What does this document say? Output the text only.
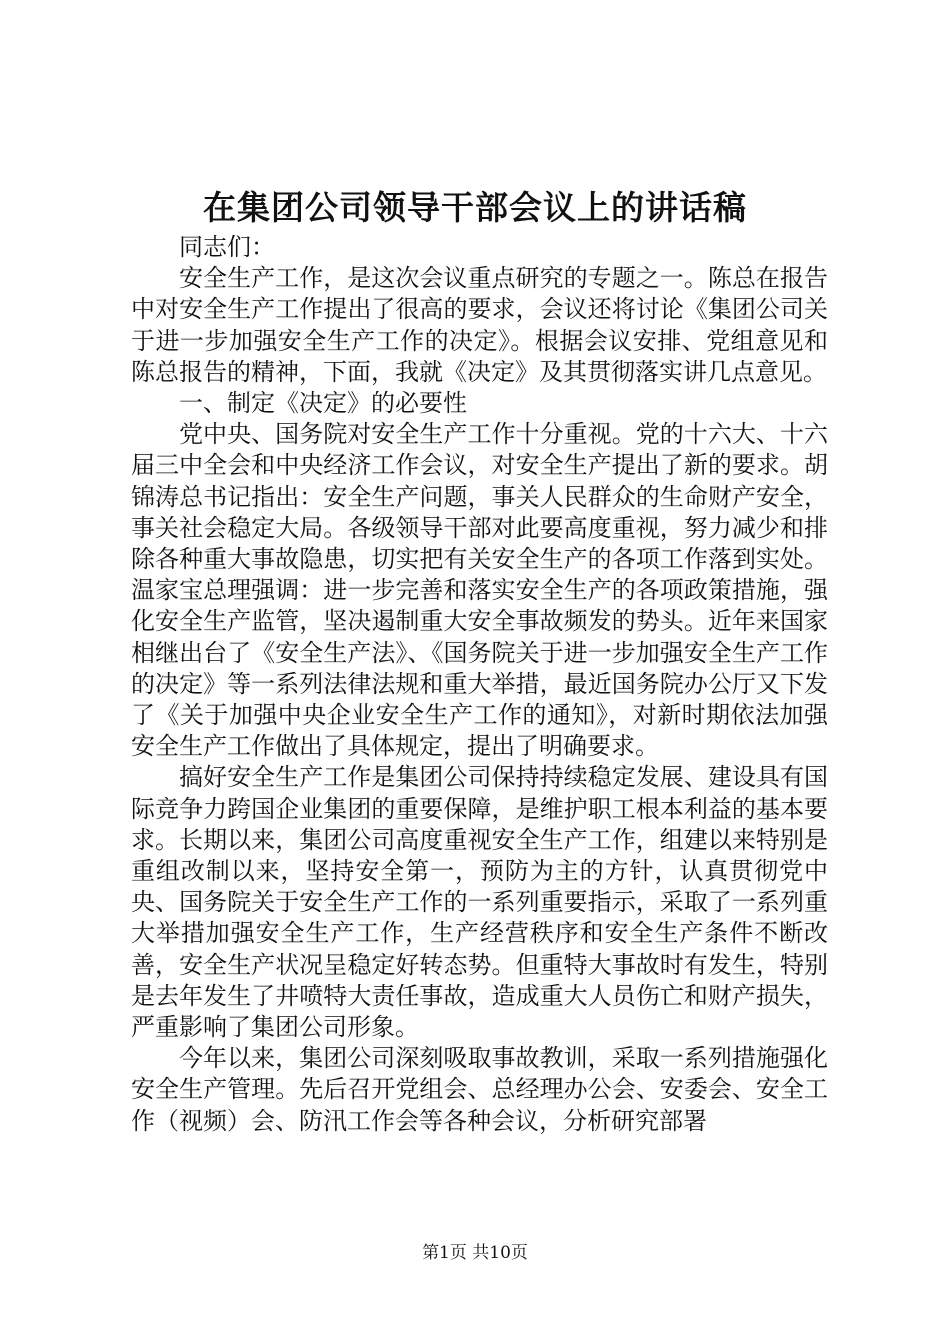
在集团公司领导干部会议上的讲话稿

同志们：

安全生产工作，是这次会议重点研究的专题之一。陈总在报告中对安全生产工作提出了很高的要求，会议还将讨论《集团公司关于进一步加强安全生产工作的决定》。根据会议安排、党组意见和陈总报告的精神，下面，我就《决定》及其贯彻落实讲几点意见。

一、制定《决定》的必要性

党中央、国务院对安全生产工作十分重视。党的十六大、十六届三中全会和中央经济工作会议，对安全生产提出了新的要求。胡锦涛总书记指出：安全生产问题，事关人民群众的生命财产安全，事关社会稳定大局。各级领导干部对此要高度重视，努力减少和排除各种重大事故隐患，切实把有关安全生产的各项工作落到实处。温家宝总理强调：进一步完善和落实安全生产的各项政策措施，强化安全生产监管，坚决遏制重大安全事故频发的势头。近年来国家相继出台了《安全生产法》、《国务院关于进一步加强安全生产工作的决定》等一系列法律法规和重大举措，最近国务院办公厅又下发了《关于加强中央企业安全生产工作的通知》，对新时期依法加强安全生产工作做出了具体规定，提出了明确要求。

搞好安全生产工作是集团公司保持持续稳定发展、建设具有国际竞争力跨国企业集团的重要保障，是维护职工根本利益的基本要求。长期以来，集团公司高度重视安全生产工作，组建以来特别是重组改制以来，坚持安全第一，预防为主的方针，认真贯彻党中央、国务院关于安全生产工作的一系列重要指示，采取了一系列重大举措加强安全生产工作，生产经营秩序和安全生产条件不断改善，安全生产状况呈稳定好转态势。但重特大事故时有发生，特别是去年发生了井喷特大责任事故，造成重大人员伤亡和财产损失，严重影响了集团公司形象。

今年以来，集团公司深刻吸取事故教训，采取一系列措施强化安全生产管理。先后召开党组会、总经理办公会、安委会、安全工作（视频）会、防汛工作会等各种会议，分析研究部署

第1页 共10页
